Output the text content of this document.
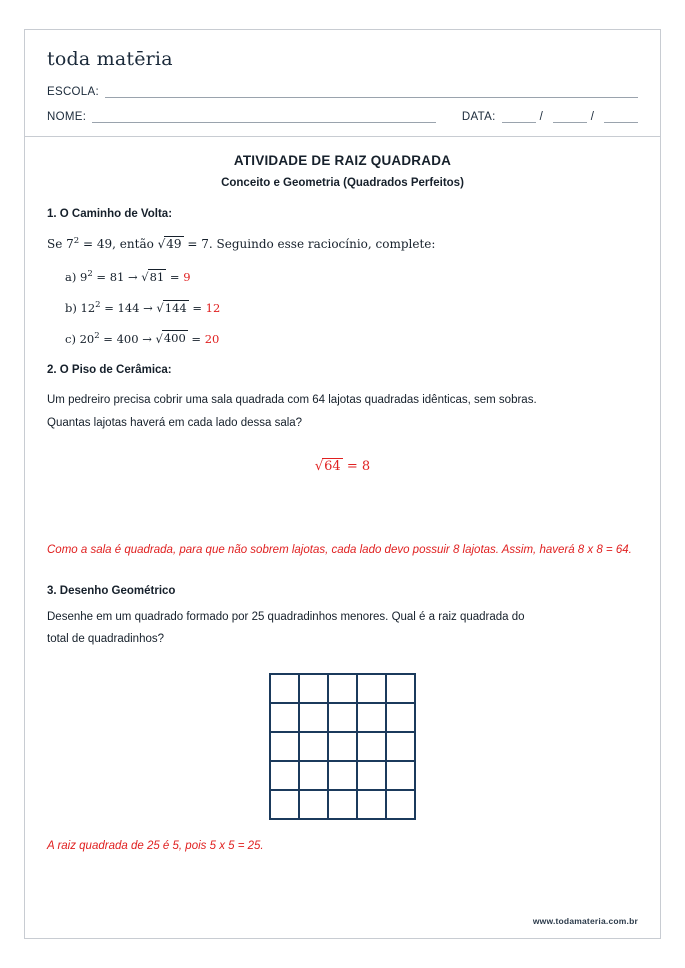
toda matēria
ESCOLA:
NOME:	DATA:	/	/
ATIVIDADE DE RAIZ QUADRADA
Conceito e Geometria (Quadrados Perfeitos)
1. O Caminho de Volta:
Se $7^2 = 49$, então √49 = 7. Seguindo esse raciocínio, complete:
a) $9^2 = 81 \to √81 = 9$
b) $12^2 = 144 \to √144 = 12$
c) $20^2 = 400 \to √400 = 20$
2. O Piso de Cerâmica:
Um pedreiro precisa cobrir uma sala quadrada com 64 lajotas quadradas idênticas, sem sobras.
Quantas lajotas haverá em cada lado dessa sala?
√64 = 8
Como a sala é quadrada, para que não sobrem lajotas, cada lado devo possuir 8 lajotas. Assim, haverá 8 x 8 = 64.
3. Desenho Geométrico
Desenhe em um quadrado formado por 25 quadradinhos menores. Qual é a raiz quadrada do
total de quadradinhos?
A raiz quadrada de 25 é 5, pois 5 x 5 = 25.
www.todamateria.com.br
